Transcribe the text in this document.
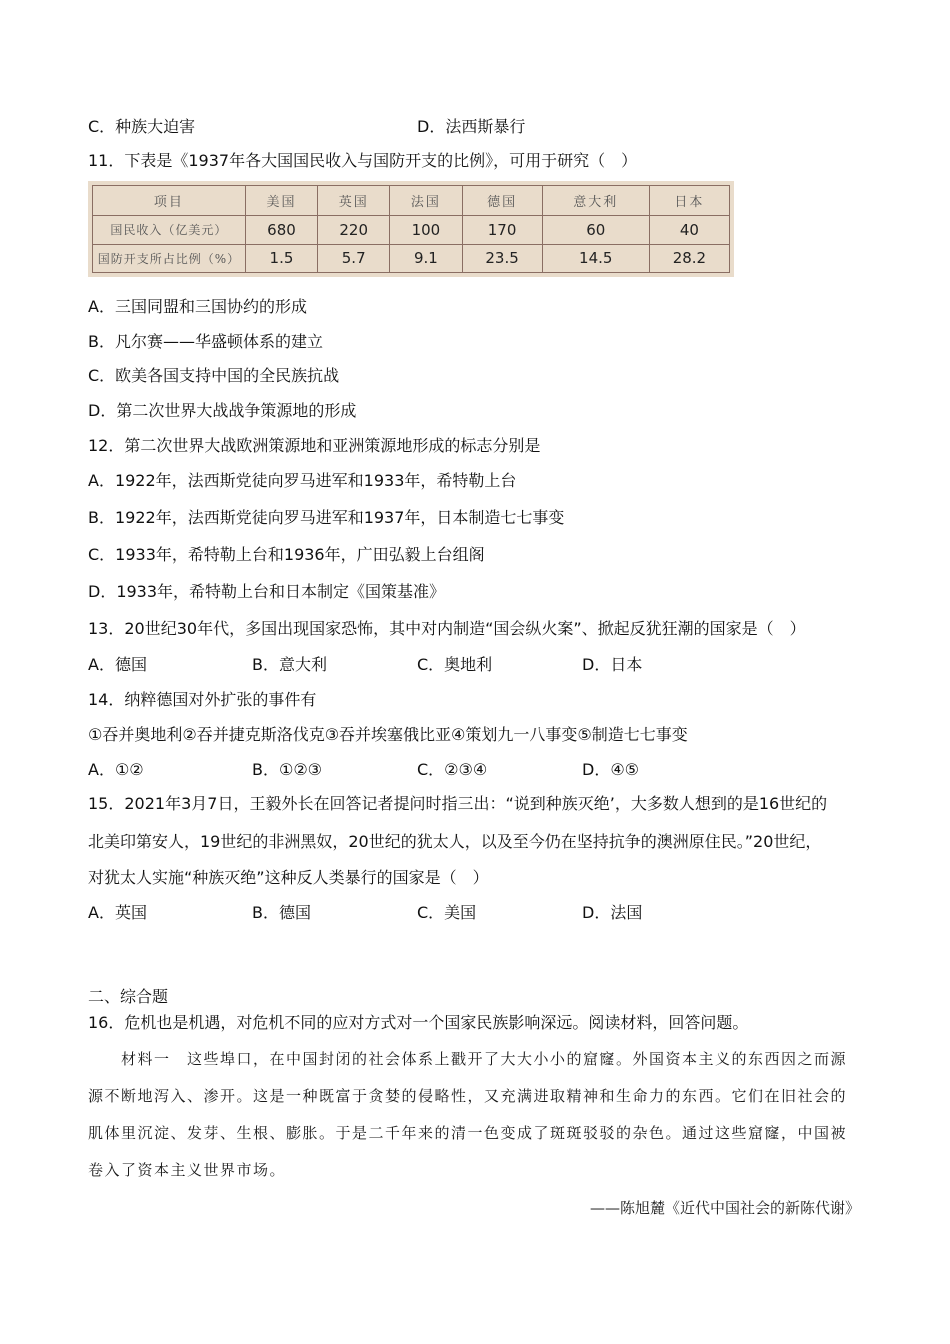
C．种族大迫害	D．法西斯暴行
11．下表是《1937年各大国国民收入与国防开支的比例》，可用于研究（　）
项目	美国	英国	法国	德国	意大利	日本
国民收入（亿美元）	680	220	100	170	60	40
国防开支所占比例（%）	1.5	5.7	9.1	23.5	14.5	28.2
A．三国同盟和三国协约的形成
B．凡尔赛——华盛顿体系的建立
C．欧美各国支持中国的全民族抗战
D．第二次世界大战战争策源地的形成
12．第二次世界大战欧洲策源地和亚洲策源地形成的标志分别是
A．1922年，法西斯党徒向罗马进军和1933年，希特勒上台
B．1922年，法西斯党徒向罗马进军和1937年，日本制造七七事变
C．1933年，希特勒上台和1936年，广田弘毅上台组阁
D．1933年，希特勒上台和日本制定《国策基准》
13．20世纪30年代，多国出现国家恐怖，其中对内制造“国会纵火案”、掀起反犹狂潮的国家是（　）
A．德国	B．意大利	C．奥地利	D．日本
14．纳粹德国对外扩张的事件有
①吞并奥地利②吞并捷克斯洛伐克③吞并埃塞俄比亚④策划九一八事变⑤制造七七事变
A．①②	B．①②③	C．②③④	D．④⑤
15．2021年3月7日，王毅外长在回答记者提问时指三出：“说到种族灭绝’，大多数人想到的是16世纪的
北美印第安人，19世纪的非洲黑奴，20世纪的犹太人，以及至今仍在坚持抗争的澳洲原住民。”20世纪，
对犹太人实施“种族灭绝”这种反人类暴行的国家是（　）
A．英国	B．德国	C．美国	D．法国
二、综合题
16．危机也是机遇，对危机不同的应对方式对一个国家民族影响深远。阅读材料，回答问题。
　　材料一　这些埠口，在中国封闭的社会体系上戳开了大大小小的窟窿。外国资本主义的东西因之而源
源不断地泻入、渗开。这是一种既富于贪婪的侵略性，又充满进取精神和生命力的东西。它们在旧社会的
肌体里沉淀、发芽、生根、膨胀。于是二千年来的清一色变成了斑斑驳驳的杂色。通过这些窟窿，中国被
卷入了资本主义世界市场。
——陈旭麓《近代中国社会的新陈代谢》
